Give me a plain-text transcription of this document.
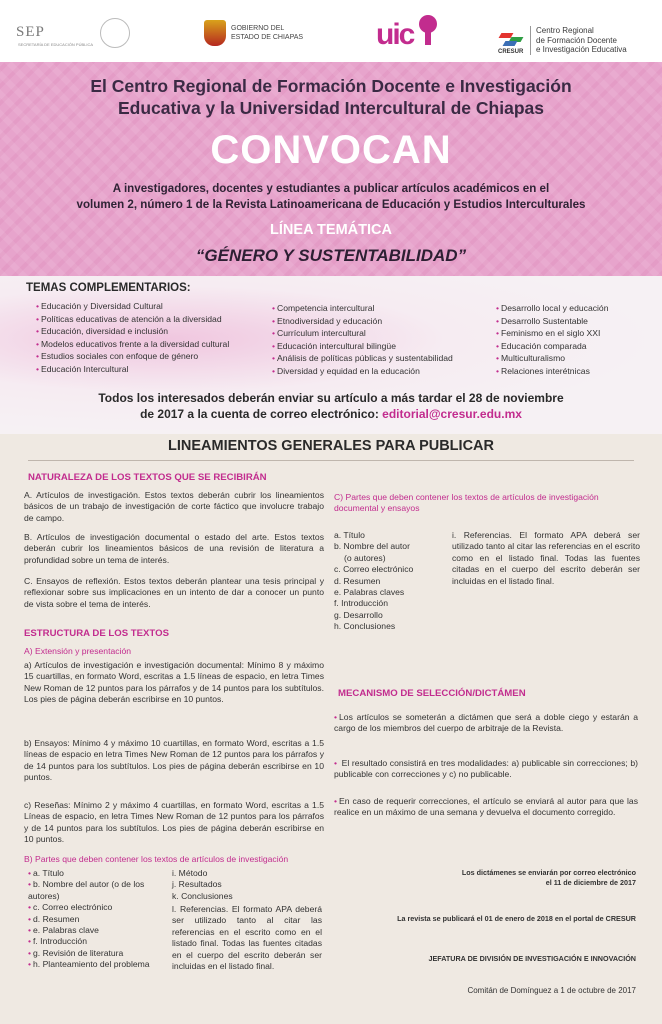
SEP
SECRETARÍA DE EDUCACIÓN PÚBLICA
GOBIERNO DEL
ESTADO DE CHIAPAS uic
CRESUR
Centro Regional
de Formación Docente
e Investigación Educativa
El Centro Regional de Formación Docente e Investigación
Educativa y la Universidad Intercultural de Chiapas
CONVOCAN
A investigadores, docentes y estudiantes a publicar artículos académicos en el
volumen 2, número 1 de la Revista Latinoamericana de Educación y Estudios Interculturales
LÍNEA TEMÁTICA
“GÉNERO Y SUSTENTABILIDAD”
TEMAS COMPLEMENTARIOS:
• Educación y Diversidad Cultural
• Políticas educativas de atención a la diversidad
• Educación, diversidad e inclusión
• Modelos educativos frente a la diversidad cultural
• Estudios sociales con enfoque de género
• Educación Intercultural
• Competencia intercultural
• Etnodiversidad y educación
• Currículum intercultural
• Educación intercultural bilingüe
• Análisis de políticas públicas y sustentabilidad
• Diversidad y equidad en la educación
• Desarrollo local y educación
• Desarrollo Sustentable
• Feminismo en el siglo XXI
• Educación comparada
• Multiculturalismo
• Relaciones interétnicas
Todos los interesados deberán enviar su artículo a más tardar el 28 de noviembre
de 2017 a la cuenta de correo electrónico: editorial@cresur.edu.mx
LINEAMIENTOS GENERALES PARA PUBLICAR
NATURALEZA DE LOS TEXTOS QUE SE RECIBIRÁN
A. Artículos de investigación. Estos textos deberán cubrir los lineamientos básicos de un trabajo de investigación de corte fáctico que involucre trabajo de campo.
B. Artículos de investigación documental o estado del arte. Estos textos deberán cubrir los lineamientos básicos de una revisión de literatura a profundidad sobre un tema de interés.
C. Ensayos de reflexión. Estos textos deberán plantear una tesis principal y reflexionar sobre sus implicaciones en un intento de dar a conocer un punto de vista sobre el tema de interés.
ESTRUCTURA DE LOS TEXTOS
A) Extensión y presentación
a) Artículos de investigación e investigación documental: Mínimo 8 y máximo 15 cuartillas, en formato Word, escritas a 1.5 líneas de espacio, en letra Times New Roman de 12 puntos para los párrafos y de 14 puntos para los subtítulos. Los pies de página deberán escribirse en 10 puntos.
b) Ensayos: Mínimo 4 y máximo 10 cuartillas, en formato Word, escritas a 1.5 líneas de espacio en letra Times New Roman de 12 puntos para los párrafos y de 14 puntos para los subtítulos. Los pies de página deberán escribirse en 10 puntos.
c) Reseñas: Mínimo 2 y máximo 4 cuartillas, en formato Word, escritas a 1.5 Líneas de espacio, en letra Times New Roman de 12 puntos para los párrafos y de 14 puntos para los subtítulos. Los pies de página deberán escribirse en 10 puntos.
B) Partes que deben contener los textos de artículos de investigación
• a. Título
• b. Nombre del autor (o de los autores)
• c. Correo electrónico
• d. Resumen
• e. Palabras clave
• f. Introducción
• g. Revisión de literatura
• h. Planteamiento del problema
i. Método
j. Resultados
k. Conclusiones
l. Referencias. El formato APA deberá ser utilizado tanto al citar las referencias en el escrito como en el listado final. Todas las fuentes citadas en el cuerpo del escrito deberán ser incluidas en el listado final.
C) Partes que deben contener los textos de artículos de investigación documental y ensayos
a. Título
b. Nombre del autor
(o autores)
c. Correo electrónico
d. Resumen
e. Palabras claves
f. Introducción
g. Desarrollo
h. Conclusiones
i. Referencias. El formato APA deberá ser utilizado tanto al citar las referencias en el escrito como en el listado final. Todas las fuentes citadas en el cuerpo del escrito deberán ser incluidas en el listado final.
MECANISMO DE SELECCIÓN/DICTÁMEN
• Los artículos se someterán a dictámen que será a doble ciego y estarán a cargo de los miembros del cuerpo de arbitraje de la Revista.
• El resultado consistirá en tres modalidades: a) publicable sin correcciones; b) publicable con correcciones y c) no publicable.
• En caso de requerir correcciones, el artículo se enviará al autor para que las realice en un máximo de una semana y devuelva el documento corregido.
Los dictámenes se enviarán por correo electrónico
el 11 de diciembre de 2017
La revista se publicará el 01 de enero de 2018 en el portal de CRESUR
JEFATURA DE DIVISIÓN DE INVESTIGACIÓN E INNOVACIÓN
Comitán de Domínguez a 1 de octubre de 2017
